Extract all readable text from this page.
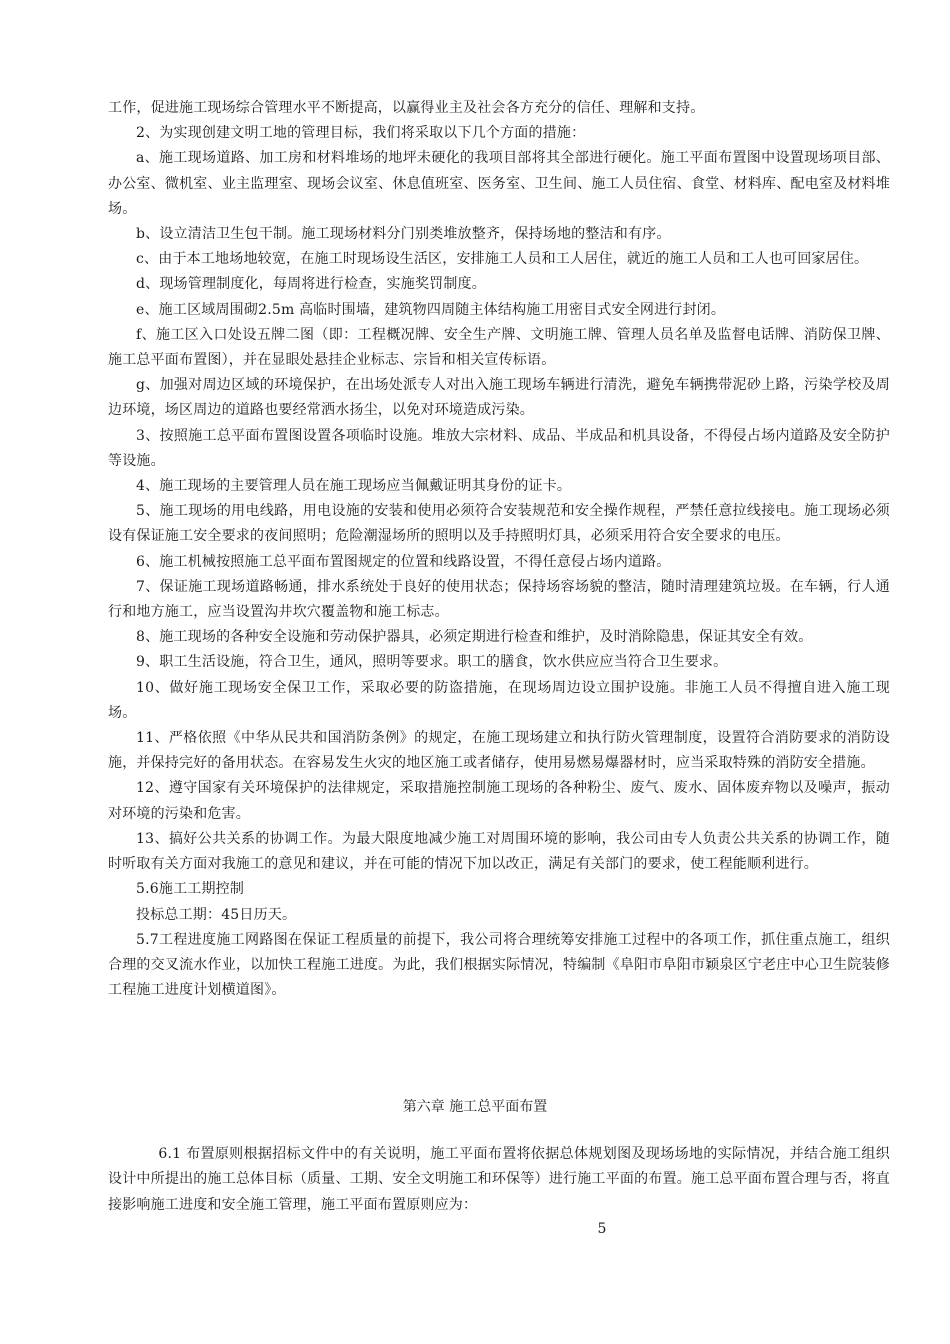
工作，促进施工现场综合管理水平不断提高，以赢得业主及社会各方充分的信任、理解和支持。

2、为实现创建文明工地的管理目标，我们将采取以下几个方面的措施：

a、施工现场道路、加工房和材料堆场的地坪未硬化的我项目部将其全部进行硬化。施工平面布置图中设置现场项目部、办公室、微机室、业主监理室、现场会议室、休息值班室、医务室、卫生间、施工人员住宿、食堂、材料库、配电室及材料堆场。

b、设立清洁卫生包干制。施工现场材料分门别类堆放整齐，保持场地的整洁和有序。

c、由于本工地场地较宽，在施工时现场设生活区，安排施工人员和工人居住，就近的施工人员和工人也可回家居住。

d、现场管理制度化，每周将进行检查，实施奖罚制度。

e、施工区域周围砌2.5m 高临时围墙，建筑物四周随主体结构施工用密目式安全网进行封闭。

f、施工区入口处设五牌二图（即：工程概况牌、安全生产牌、文明施工牌、管理人员名单及监督电话牌、消防保卫牌、施工总平面布置图），并在显眼处悬挂企业标志、宗旨和相关宣传标语。

g、加强对周边区域的环境保护，在出场处派专人对出入施工现场车辆进行清洗，避免车辆携带泥砂上路，污染学校及周边环境，场区周边的道路也要经常洒水扬尘，以免对环境造成污染。

3、按照施工总平面布置图设置各项临时设施。堆放大宗材料、成品、半成品和机具设备，不得侵占场内道路及安全防护等设施。

4、施工现场的主要管理人员在施工现场应当佩戴证明其身份的证卡。

5、施工现场的用电线路，用电设施的安装和使用必须符合安装规范和安全操作规程，严禁任意拉线接电。施工现场必须设有保证施工安全要求的夜间照明；危险潮湿场所的照明以及手持照明灯具，必须采用符合安全要求的电压。

6、施工机械按照施工总平面布置图规定的位置和线路设置，不得任意侵占场内道路。

7、保证施工现场道路畅通，排水系统处于良好的使用状态；保持场容场貌的整洁，随时清理建筑垃圾。在车辆，行人通行和地方施工，应当设置沟井坎穴覆盖物和施工标志。

8、施工现场的各种安全设施和劳动保护器具，必须定期进行检查和维护，及时消除隐患，保证其安全有效。

9、职工生活设施，符合卫生，通风，照明等要求。职工的膳食，饮水供应应当符合卫生要求。

10、做好施工现场安全保卫工作，采取必要的防盗措施，在现场周边设立围护设施。非施工人员不得擅自进入施工现场。

11、严格依照《中华从民共和国消防条例》的规定，在施工现场建立和执行防火管理制度，设置符合消防要求的消防设施，并保持完好的备用状态。在容易发生火灾的地区施工或者储存，使用易燃易爆器材时，应当采取特殊的消防安全措施。

12、遵守国家有关环境保护的法律规定，采取措施控制施工现场的各种粉尘、废气、废水、固体废弃物以及噪声，振动对环境的污染和危害。

13、搞好公共关系的协调工作。为最大限度地减少施工对周围环境的影响，我公司由专人负责公共关系的协调工作，随时听取有关方面对我施工的意见和建议，并在可能的情况下加以改正，满足有关部门的要求，使工程能顺利进行。

5.6施工工期控制

投标总工期：45日历天。

5.7工程进度施工网路图在保证工程质量的前提下，我公司将合理统筹安排施工过程中的各项工作，抓住重点施工，组织合理的交叉流水作业，以加快工程施工进度。为此，我们根据实际情况，特编制《阜阳市阜阳市颖泉区宁老庄中心卫生院装修工程施工进度计划横道图》。

第六章 施工总平面布置

6.1 布置原则根据招标文件中的有关说明，施工平面布置将依据总体规划图及现场场地的实际情况，并结合施工组织设计中所提出的施工总体目标（质量、工期、安全文明施工和环保等）进行施工平面的布置。施工总平面布置合理与否，将直接影响施工进度和安全施工管理，施工平面布置原则应为：

5
